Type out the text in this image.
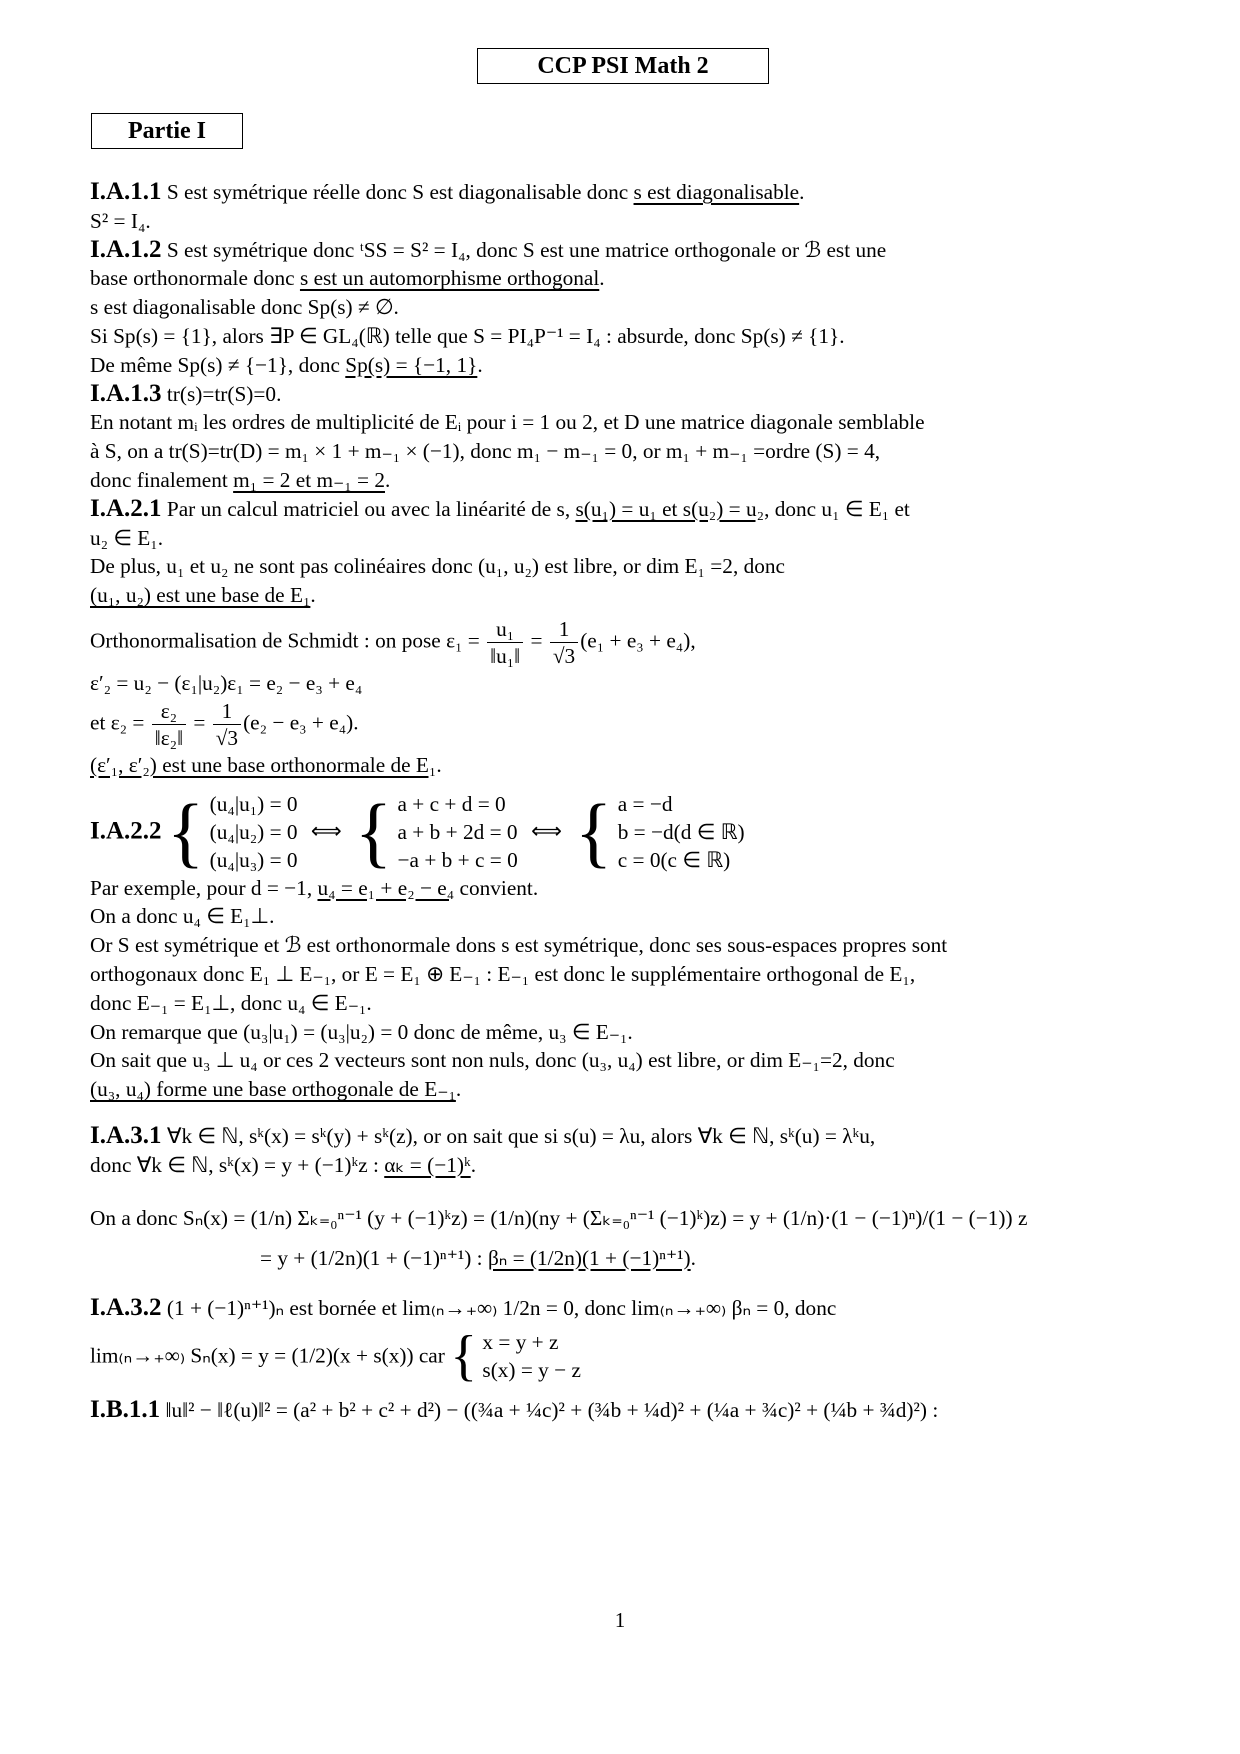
CCP PSI Math 2
Partie I
I.A.1.1 S est symétrique réelle donc S est diagonalisable donc s est diagonalisable.
S² = I₄.
I.A.1.2 S est symétrique donc ᵗSS = S² = I₄, donc S est une matrice orthogonale or ℬ est une
base orthonormale donc s est un automorphisme orthogonal.
s est diagonalisable donc Sp(s) ≠ ∅.
Si Sp(s) = {1}, alors ∃P ∈ GL₄(ℝ) telle que S = PI₄P⁻¹ = I₄ : absurde, donc Sp(s) ≠ {1}.
De même Sp(s) ≠ {−1}, donc Sp(s) = {−1, 1}.
I.A.1.3 tr(s)=tr(S)=0.
En notant mᵢ les ordres de multiplicité de Eᵢ pour i = 1 ou 2, et D une matrice diagonale semblable
à S, on a tr(S)=tr(D) = m₁ × 1 + m₋₁ × (−1), donc m₁ − m₋₁ = 0, or m₁ + m₋₁ =ordre (S) = 4,
donc finalement m₁ = 2 et m₋₁ = 2.
I.A.2.1 Par un calcul matriciel ou avec la linéarité de s, s(u₁) = u₁ et s(u₂) = u₂, donc u₁ ∈ E₁ et
u₂ ∈ E₁.
De plus, u₁ et u₂ ne sont pas colinéaires donc (u₁, u₂) est libre, or dim E₁ =2, donc
(u₁, u₂) est une base de E₁.
Orthonormalisation de Schmidt : on pose $\varepsilon_1 = \frac{\text{u₁}}{\text{‖u₁‖}} = \frac{1}{√3} (e_1 + e_3 + e_4)$,
ε′₂ = u₂ − (ε₁|u₂)ε₁ = e₂ − e₃ + e₄
et $\varepsilon_2 = \frac{\text{ε₂}}{\text{‖ε₂‖}} = \frac{1}{√3} (e_2 - e_3 + e_4)$.
(ε′₁, ε′₂) est une base orthonormale de E₁.
I.A.2.2 { (u₄|u₁) = 0
(u₄|u₂) = 0
(u₄|u₃) = 0
⟺ { a + c + d = 0
a + b + 2d = 0
−a + b + c = 0
⟺ { a = −d
b = −d(d ∈ ℝ)
c = 0(c ∈ ℝ)
Par exemple, pour d = −1, u₄ = e₁ + e₂ − e₄ convient.
On a donc u₄ ∈ E₁⊥.
Or S est symétrique et ℬ est orthonormale dons s est symétrique, donc ses sous-espaces propres sont
orthogonaux donc E₁ ⊥ E₋₁, or E = E₁ ⊕ E₋₁ : E₋₁ est donc le supplémentaire orthogonal de E₁,
donc E₋₁ = E₁⊥, donc u₄ ∈ E₋₁.
On remarque que (u₃|u₁) = (u₃|u₂) = 0 donc de même, u₃ ∈ E₋₁.
On sait que u₃ ⊥ u₄ or ces 2 vecteurs sont non nuls, donc (u₃, u₄) est libre, or dim E₋₁=2, donc
(u₃, u₄) forme une base orthogonale de E₋₁.
I.A.3.1 ∀k ∈ ℕ, sᵏ(x) = sᵏ(y) + sᵏ(z), or on sait que si s(u) = λu, alors ∀k ∈ ℕ, sᵏ(u) = λᵏu,
donc ∀k ∈ ℕ, sᵏ(x) = y + (−1)ᵏz : αₖ = (−1)ᵏ.
On a donc Sₙ(x) = (1/n) Σₖ₌₀ⁿ⁻¹ (y + (−1)ᵏz) = (1/n)(ny + (Σₖ₌₀ⁿ⁻¹ (−1)ᵏ)z) = y + (1/n)·(1 − (−1)ⁿ)/(1 − (−1)) z
= y + (1/2n)(1 + (−1)ⁿ⁺¹) : βₙ = (1/2n)(1 + (−1)ⁿ⁺¹).
I.A.3.2 (1 + (−1)ⁿ⁺¹)ₙ est bornée et lim₍ₙ→₊∞₎ 1/2n = 0, donc lim₍ₙ→₊∞₎ βₙ = 0, donc
lim₍ₙ→₊∞₎ Sₙ(x) = y = (1/2)(x + s(x)) car { x = y + z
s(x) = y − z
I.B.1.1 ‖u‖² − ‖ℓ(u)‖² = (a² + b² + c² + d²) − ((¾a + ¼c)² + (¾b + ¼d)² + (¼a + ¾c)² + (¼b + ¾d)²) :
1
